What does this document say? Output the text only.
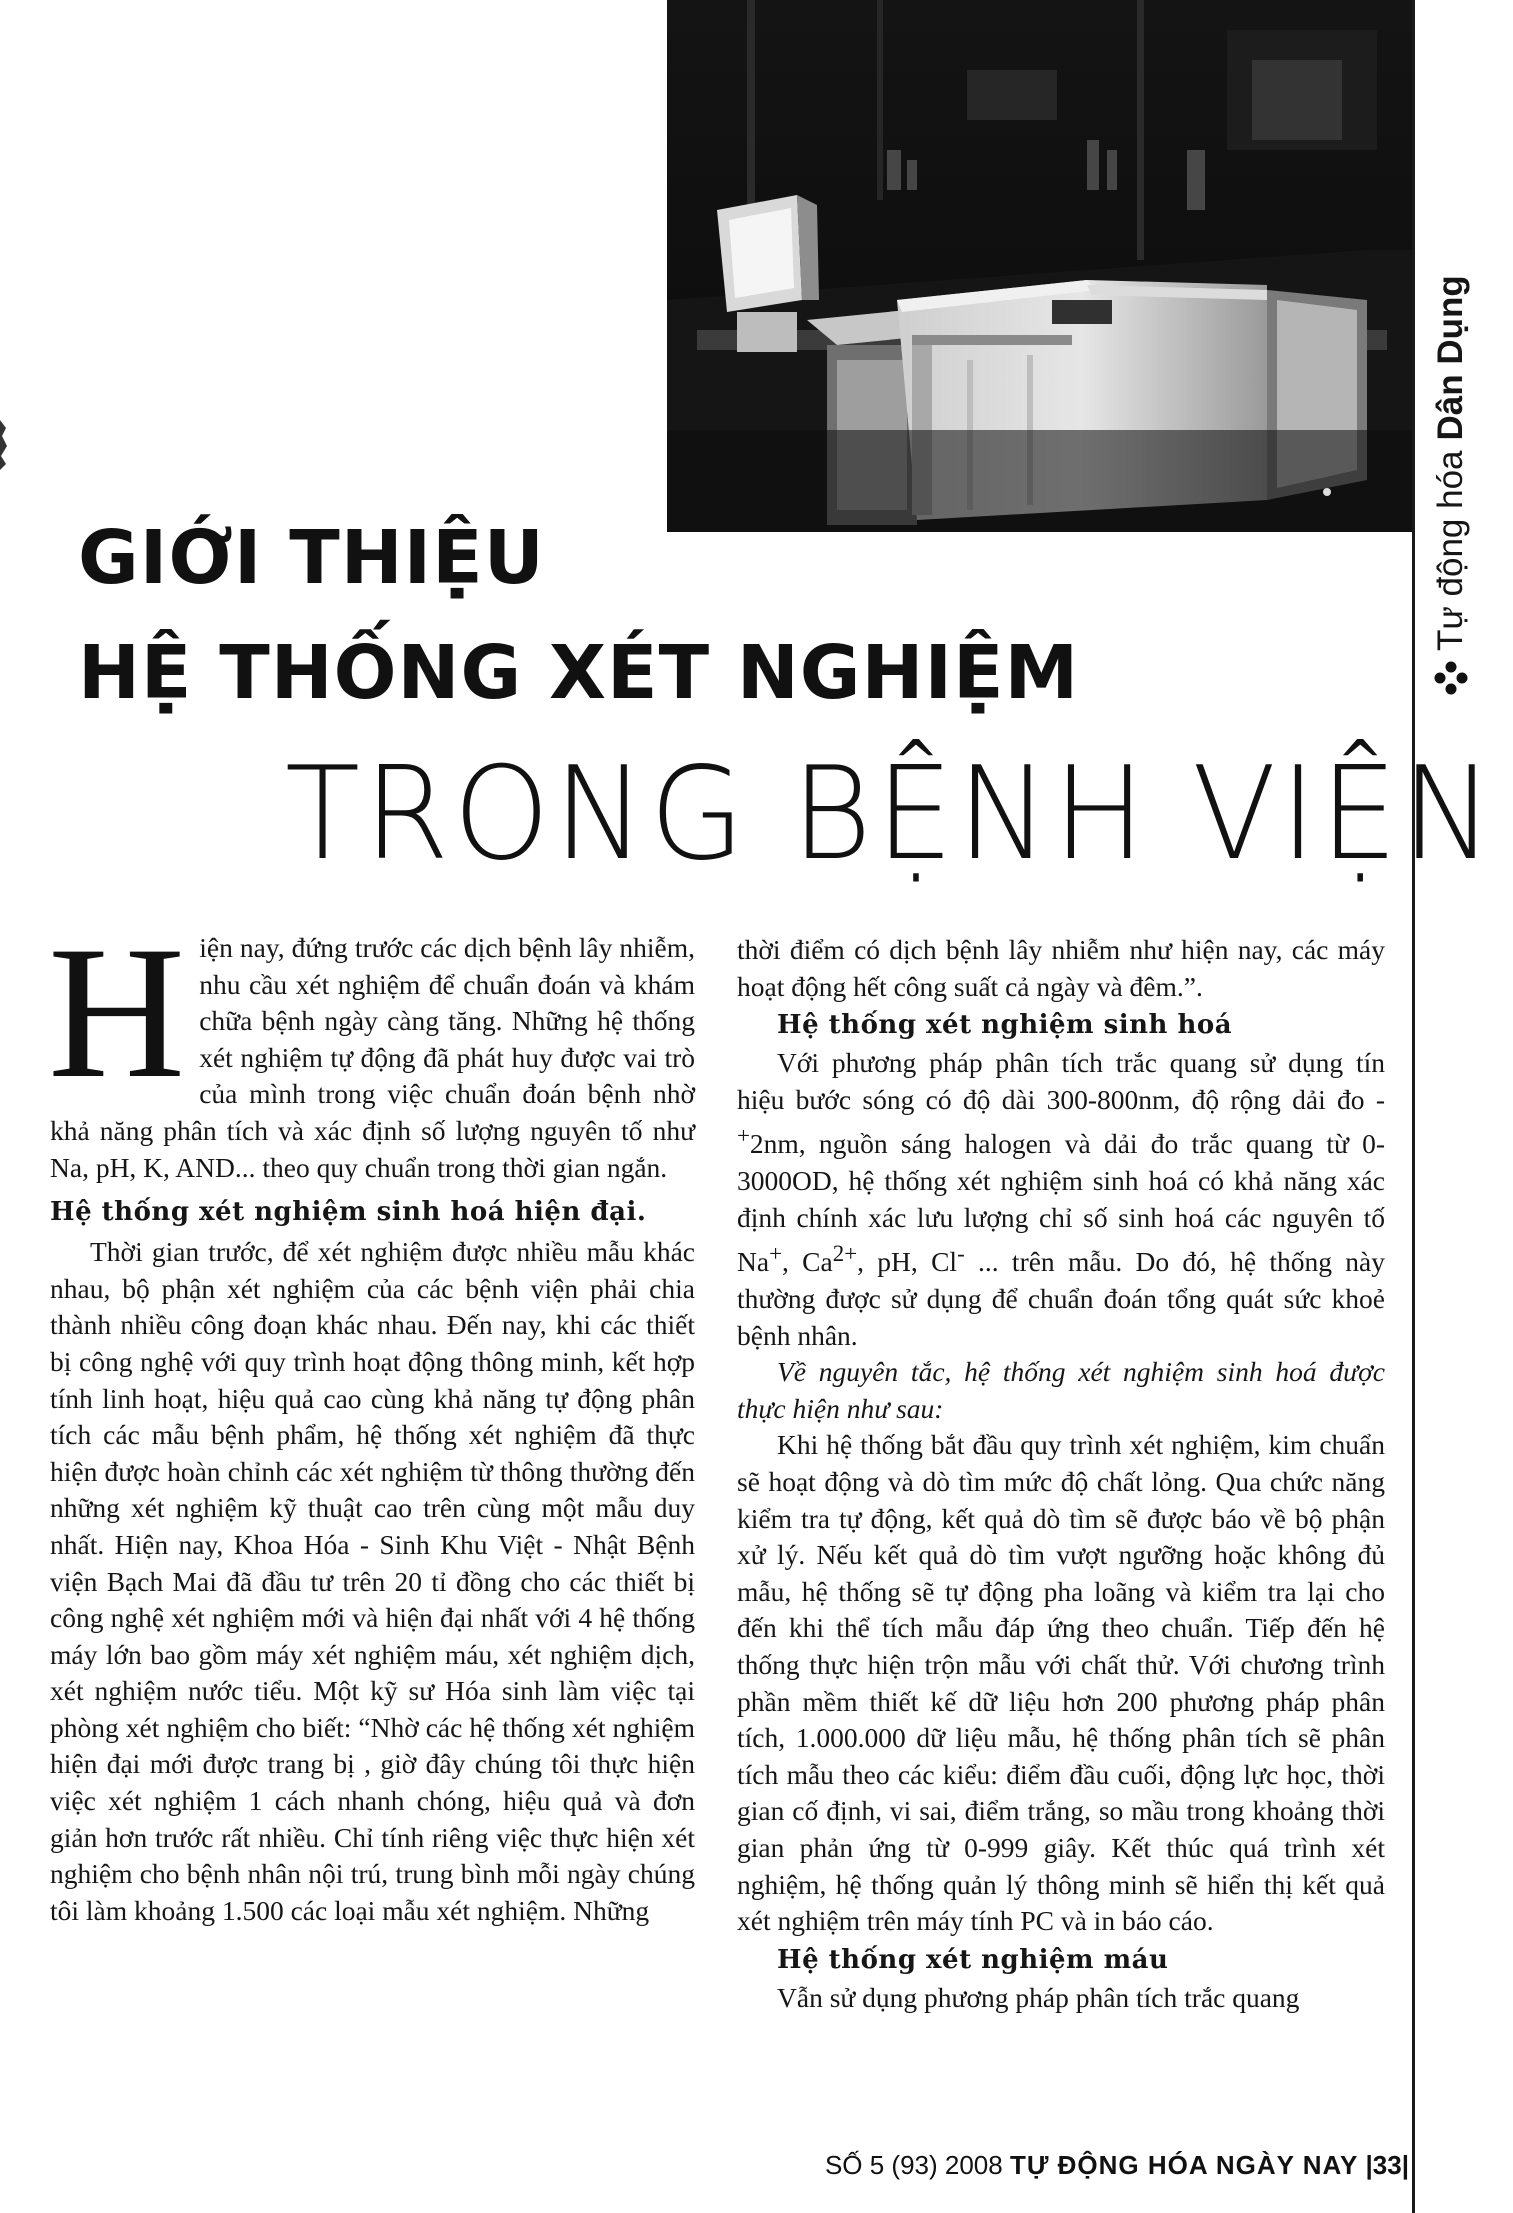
Tự động hóa
Dân Dụng
GIỚI THIỆU
HỆ THỐNG XÉT NGHIỆM
TRONG BỆNH VIỆN

Hiện nay, đứng trước các dịch bệnh lây nhiễm, nhu cầu xét nghiệm để chuẩn đoán và khám chữa bệnh ngày càng tăng. Những hệ thống xét nghiệm tự động đã phát huy được vai trò của mình trong việc chuẩn đoán bệnh nhờ khả năng phân tích và xác định số lượng nguyên tố như Na, pH, K, AND... theo quy chuẩn trong thời gian ngắn.

Hệ thống xét nghiệm sinh hoá hiện đại.

Thời gian trước, để xét nghiệm được nhiều mẫu khác nhau, bộ phận xét nghiệm của các bệnh viện phải chia thành nhiều công đoạn khác nhau. Đến nay, khi các thiết bị công nghệ với quy trình hoạt động thông minh, kết hợp tính linh hoạt, hiệu quả cao cùng khả năng tự động phân tích các mẫu bệnh phẩm, hệ thống xét nghiệm đã thực hiện được hoàn chỉnh các xét nghiệm từ thông thường đến những xét nghiệm kỹ thuật cao trên cùng một mẫu duy nhất. Hiện nay, Khoa Hóa - Sinh Khu Việt - Nhật Bệnh viện Bạch Mai đã đầu tư trên 20 tỉ đồng cho các thiết bị công nghệ xét nghiệm mới và hiện đại nhất với 4 hệ thống máy lớn bao gồm máy xét nghiệm máu, xét nghiệm dịch, xét nghiệm nước tiểu. Một kỹ sư Hóa sinh làm việc tại phòng xét nghiệm cho biết: “Nhờ các hệ thống xét nghiệm hiện đại mới được trang bị , giờ đây chúng tôi thực hiện việc xét nghiệm 1 cách nhanh chóng, hiệu quả và đơn giản hơn trước rất nhiều. Chỉ tính riêng việc thực hiện xét nghiệm cho bệnh nhân nội trú, trung bình mỗi ngày chúng tôi làm khoảng 1.500 các loại mẫu xét nghiệm. Những

thời điểm có dịch bệnh lây nhiễm như hiện nay, các máy hoạt động hết công suất cả ngày và đêm.”.

Hệ thống xét nghiệm sinh hoá

Với phương pháp phân tích trắc quang sử dụng tín hiệu bước sóng có độ dài 300-800nm, độ rộng dải đo -+2nm, nguồn sáng halogen và dải đo trắc quang từ 0-3000OD, hệ thống xét nghiệm sinh hoá có khả năng xác định chính xác lưu lượng chỉ số sinh hoá các nguyên tố Na+, $Ca^{2+}$, pH, Cl- ... trên mẫu. Do đó, hệ thống này thường được sử dụng để chuẩn đoán tổng quát sức khoẻ bệnh nhân.

Về nguyên tắc, hệ thống xét nghiệm sinh hoá được thực hiện như sau:

Khi hệ thống bắt đầu quy trình xét nghiệm, kim chuẩn sẽ hoạt động và dò tìm mức độ chất lỏng. Qua chức năng kiểm tra tự động, kết quả dò tìm sẽ được báo về bộ phận xử lý. Nếu kết quả dò tìm vượt ngưỡng hoặc không đủ mẫu, hệ thống sẽ tự động pha loãng và kiểm tra lại cho đến khi thể tích mẫu đáp ứng theo chuẩn. Tiếp đến hệ thống thực hiện trộn mẫu với chất thử. Với chương trình phần mềm thiết kế dữ liệu hơn 200 phương pháp phân tích, 1.000.000 dữ liệu mẫu, hệ thống phân tích sẽ phân tích mẫu theo các kiểu: điểm đầu cuối, động lực học, thời gian cố định, vi sai, điểm trắng, so mầu trong khoảng thời gian phản ứng từ 0-999 giây. Kết thúc quá trình xét nghiệm, hệ thống quản lý thông minh sẽ hiển thị kết quả xét nghiệm trên máy tính PC và in báo cáo.

Hệ thống xét nghiệm máu

Vẫn sử dụng phương pháp phân tích trắc quang

SỐ 5 (93) 2008 TỰ ĐỘNG HÓA NGÀY NAY |33|
